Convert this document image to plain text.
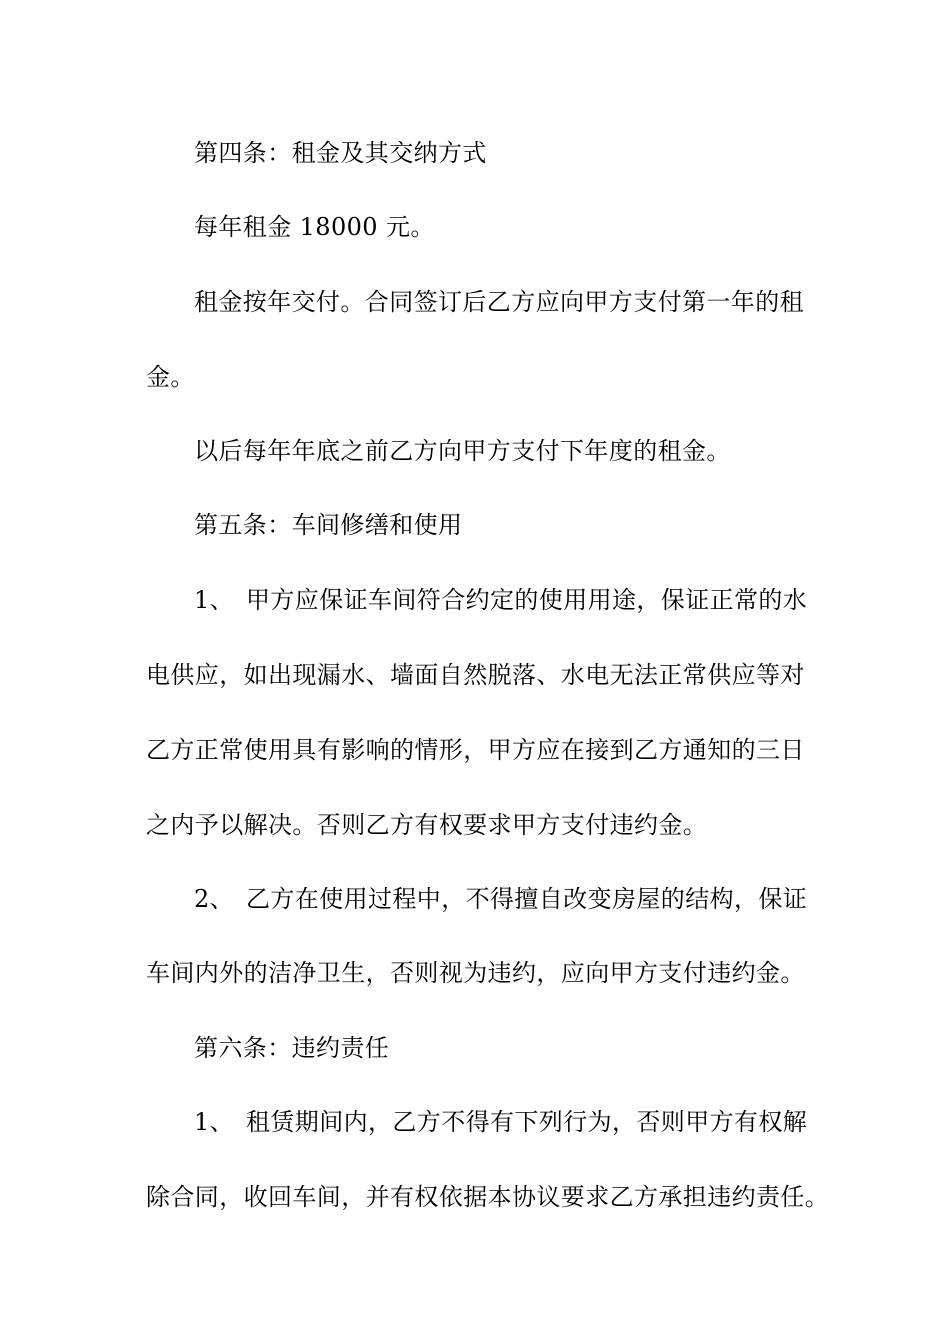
第四条：租金及其交纳方式
每年租金 18000 元。
租金按年交付。合同签订后乙方应向甲方支付第一年的租
金。
以后每年年底之前乙方向甲方支付下年度的租金。
第五条：车间修缮和使用
1、 甲方应保证车间符合约定的使用用途，保证正常的水
电供应，如出现漏水、墙面自然脱落、水电无法正常供应等对
乙方正常使用具有影响的情形，甲方应在接到乙方通知的三日
之内予以解决。否则乙方有权要求甲方支付违约金。
2、 乙方在使用过程中，不得擅自改变房屋的结构，保证
车间内外的洁净卫生，否则视为违约，应向甲方支付违约金。
第六条：违约责任
1、 租赁期间内，乙方不得有下列行为，否则甲方有权解
除合同，收回车间，并有权依据本协议要求乙方承担违约责任。
